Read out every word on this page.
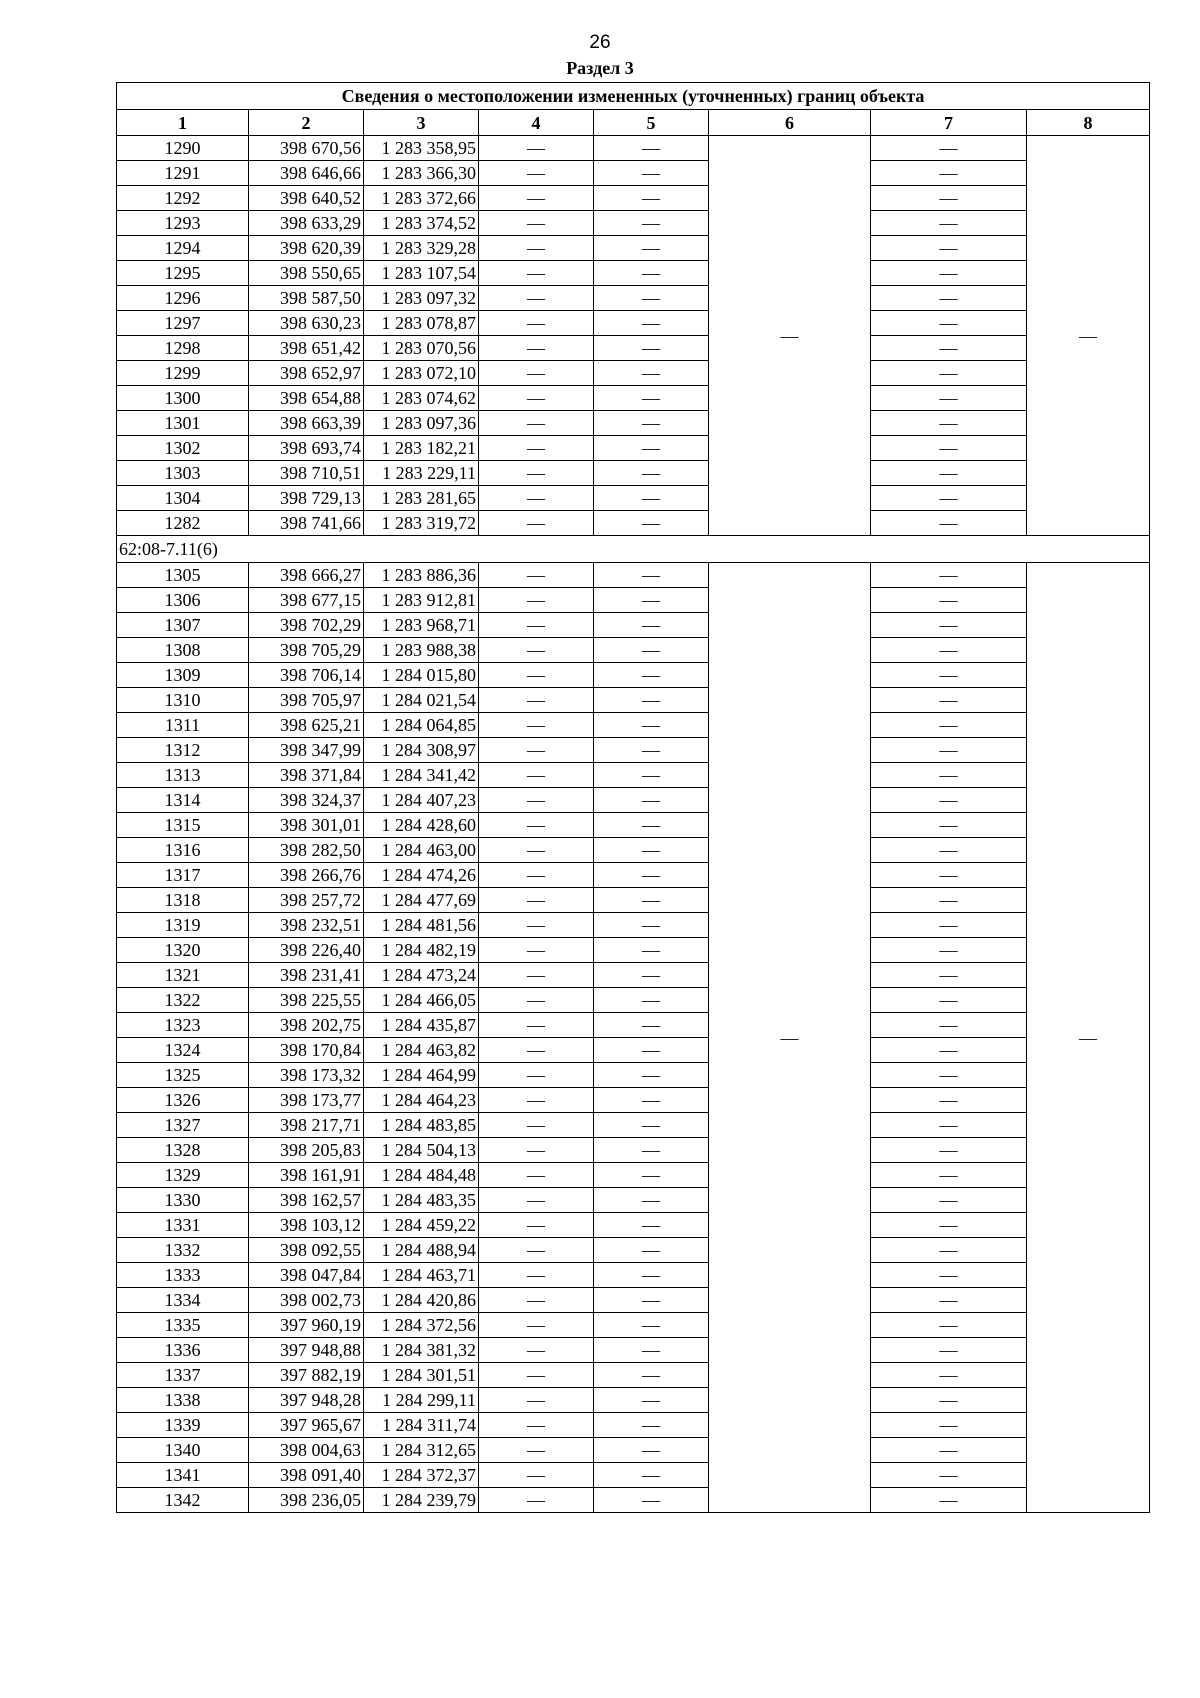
26
Раздел 3
Сведения о местоположении измененных (уточненных) границ объекта							
1	2	3	4	5	6	7	8
1290	398 670,56	1 283 358,95	—	—	—	—	—
1291	398 646,66	1 283 366,30	—	—		—	
1292	398 640,52	1 283 372,66	—	—		—	
1293	398 633,29	1 283 374,52	—	—		—	
1294	398 620,39	1 283 329,28	—	—		—	
1295	398 550,65	1 283 107,54	—	—		—	
1296	398 587,50	1 283 097,32	—	—		—	
1297	398 630,23	1 283 078,87	—	—		—	
1298	398 651,42	1 283 070,56	—	—		—	
1299	398 652,97	1 283 072,10	—	—		—	
1300	398 654,88	1 283 074,62	—	—		—	
1301	398 663,39	1 283 097,36	—	—		—	
1302	398 693,74	1 283 182,21	—	—		—	
1303	398 710,51	1 283 229,11	—	—		—	
1304	398 729,13	1 283 281,65	—	—		—	
1282	398 741,66	1 283 319,72	—	—		—	
62:08-7.11(6)							
1305	398 666,27	1 283 886,36	—	—	—	—	—
1306	398 677,15	1 283 912,81	—	—		—	
1307	398 702,29	1 283 968,71	—	—		—	
1308	398 705,29	1 283 988,38	—	—		—	
1309	398 706,14	1 284 015,80	—	—		—	
1310	398 705,97	1 284 021,54	—	—		—	
1311	398 625,21	1 284 064,85	—	—		—	
1312	398 347,99	1 284 308,97	—	—		—	
1313	398 371,84	1 284 341,42	—	—		—	
1314	398 324,37	1 284 407,23	—	—		—	
1315	398 301,01	1 284 428,60	—	—		—	
1316	398 282,50	1 284 463,00	—	—		—	
1317	398 266,76	1 284 474,26	—	—		—	
1318	398 257,72	1 284 477,69	—	—		—	
1319	398 232,51	1 284 481,56	—	—		—	
1320	398 226,40	1 284 482,19	—	—		—	
1321	398 231,41	1 284 473,24	—	—		—	
1322	398 225,55	1 284 466,05	—	—		—	
1323	398 202,75	1 284 435,87	—	—		—	
1324	398 170,84	1 284 463,82	—	—		—	
1325	398 173,32	1 284 464,99	—	—		—	
1326	398 173,77	1 284 464,23	—	—		—	
1327	398 217,71	1 284 483,85	—	—		—	
1328	398 205,83	1 284 504,13	—	—		—	
1329	398 161,91	1 284 484,48	—	—		—	
1330	398 162,57	1 284 483,35	—	—		—	
1331	398 103,12	1 284 459,22	—	—		—	
1332	398 092,55	1 284 488,94	—	—		—	
1333	398 047,84	1 284 463,71	—	—		—	
1334	398 002,73	1 284 420,86	—	—		—	
1335	397 960,19	1 284 372,56	—	—		—	
1336	397 948,88	1 284 381,32	—	—		—	
1337	397 882,19	1 284 301,51	—	—		—	
1338	397 948,28	1 284 299,11	—	—		—	
1339	397 965,67	1 284 311,74	—	—		—	
1340	398 004,63	1 284 312,65	—	—		—	
1341	398 091,40	1 284 372,37	—	—		—	
1342	398 236,05	1 284 239,79	—	—		—	
